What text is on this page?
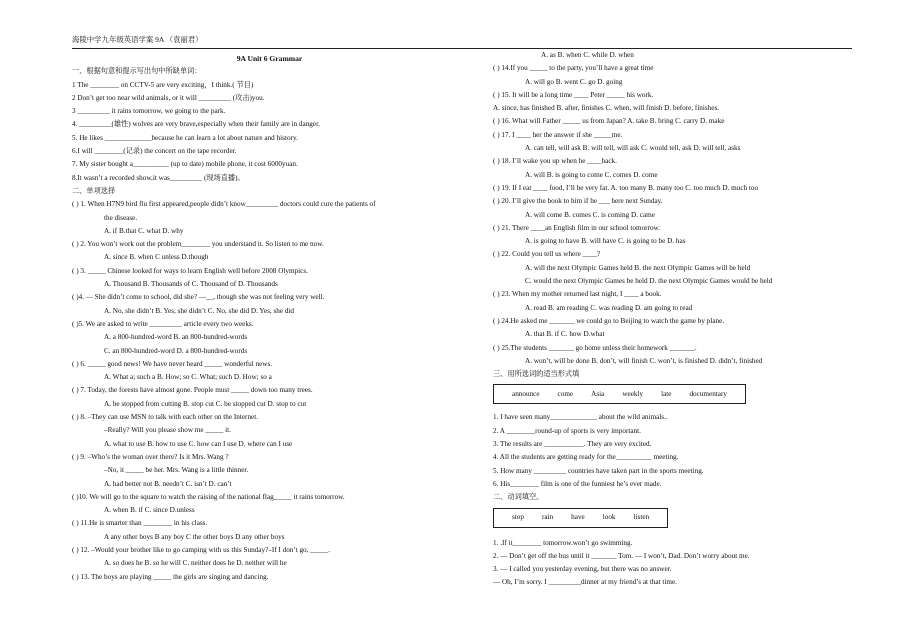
海陵中学九年级英语学案 9A （袁丽君）
9A Unit 6 Grammar
一、根据句意和提示写出句中所缺单词：
1 The ________ on CCTV-5 are very exciting，I think.( 节目)
2 Don’t get too near wild animals, or it will _________ (攻击)you.
3 _________ it rains tomorrow, we going to the park.
4. _________(雄性) wolves are very brave,especially when their family are in danger.
5. He likes _____________because he can learn a lot about nature and history.
6.I will ________(记录) the concert on the tape recorder.
7. My sister bought a__________ (up to date) mobile phone, it cost 6000yuan.
8.It wasn’t a recorded show,it was_________ (现场直播)。
二、单项选择
( ) 1. When H7N9 bird flu first appeared,people didn’t know_________ doctors could cure the patients of
the disease.
A. if B.that C. what D. why
( ) 2. You won’t work out the problem________ you understand it. So listen to me now.
A. since B. when C unless D.though
( ) 3. _____ Chinese looked for ways to learn English well before 2008 Olympics.
A. Thousand B. Thousands of C. Thousand of D. Thousands
( )4. — She didn’t come to school, did she? —__, though she was not feeling very well.
A. No, she didn’t B. Yes, she didn’t C. No, she did D. Yes, she did
( )5. We are asked to write _________ article every two weeks.
A. a 800-hundred-word B. an 800-hundred-words
C. an 800-hundred-word D. a 800-hundred-words
( ) 6. _____ good news! We have never heard _____ wonderful news.
A. What a; such a B. How; so C. What; such D. How; so a
( ) 7. Today, the forests have almost gone. People must _____ down too many trees.
A. be stopped from cutting B. stop cut C. be stopped cut D. stop to cut
( ) 8. –They can use MSN to talk with each other on the Internet.
–Really? Will you please show me _____ it.
A. what to use B. how to use C. how can I use D. where can I use
( ) 9. –Who’s the woman over there? Is it Mrs. Wang ?
–No, it _____ be her. Mrs. Wang is a little thinner.
A. had better not B. needn’t C. isn’t D. can’t
( )10. We will go to the square to watch the raising of the national flag_____ it rains tomorrow.
A. when B. if C. since D.unless
( ) 11.He is smarter than ________ in his class.
A any other boys B any boy C the other boys D any other boys
( ) 12. –Would your brother like to go camping with us this Sunday?–If I don’t go, _____.
A. so does he B. so he will C. neither does he D. neither will he
( ) 13. The boys are playing _____ the girls are singing and dancing.
A. as B. when C. while D. when
( ) 14.If you _____ to the party, you’ll have a great time
A. will go B. went C. go D. going
( ) 15. It will be a long time ____ Peter _____ his work.
A. since, has finished B. after, finishes C. when, will finish D. before, finishes.
( ) 16. What will Father _____ us from Japan? A. take B. bring C. carry D. make
( ) 17. I ____ her the answer if she _____me.
A. can tell, will ask B. will tell, will ask C. would tell, ask D. will tell, asks
( ) 18. I’ll wake you up when he ____back.
A. will B. is going to come C. comes D. come
( ) 19. If I eat ____ food, I’ll be very fat. A. too many B. many too C. too much D. much too
( ) 20. I’ll give the book to him if he ___ here next Sunday.
A. will come B. comes C. is coming D. came
( ) 21. There ____an English film in our school tomorrow.
A. is going to have B. will have C. is going to be D. has
( ) 22. Could you tell us where ____?
A. will the next Olympic Games held B. the next Olympic Games will be held
C. would the next Olympic Games be held D. the next Olympic Games would be held
( ) 23. When my mother returned last night, I ____ a book.
A. read B. am reading C. was reading D. am going to read
( ) 24.He asked me _______ we could go to Beijing to watch the game by plane.
A. that B. if C. how D.what
( ) 25.The students _______ go home unless their homework _______.
A. won’t, will be done B. don’t, will finish C. won’t, is finished D. didn’t, finished
三、用所选词的适当形式填
announce	come	Asia	weekly	late	documentary
1. I have seen many_____________ about the wild animals..
2. A ________round-up of sports is very important.
3. The results are ___________. They are very excited.
4. All the students are getting ready for the__________ meeting.
5. How many _________ countries have taken part in the sports meeting.
6. His________ film is one of the funniest he’s ever made.
二、动词填空。
stop	rain	have	look	listen
1. .If it________ tomorrow.won’t go swimming.
2. — Don’t get off the bus until it _______ Tom. — I won’t, Dad. Don’t worry about me.
3. — I called you yesterday evening, but there was no answer.
— Oh, I’m sorry. I _________dinner at my friend’s at that time.
